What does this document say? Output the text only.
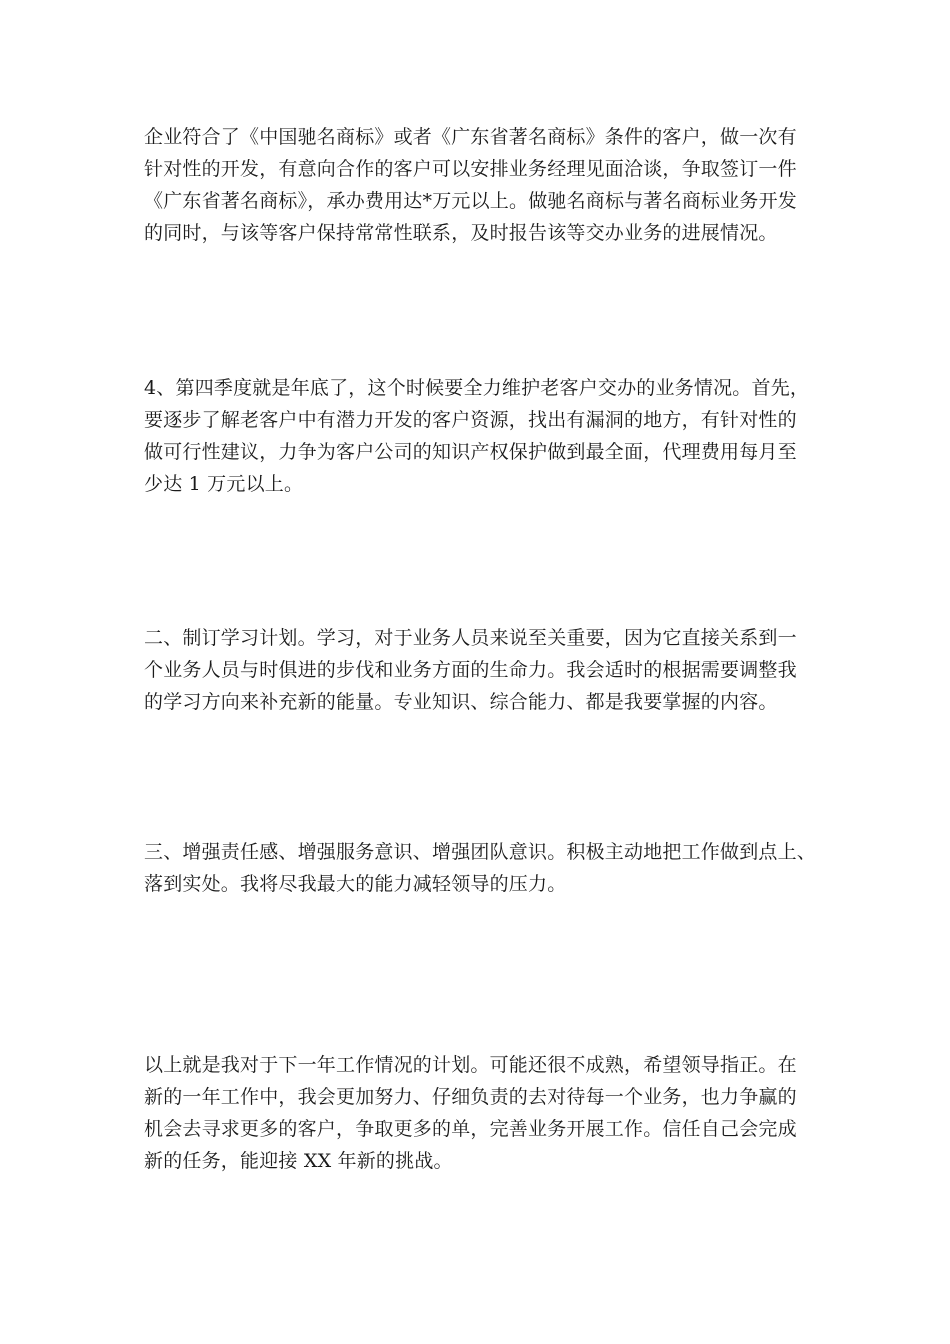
企业符合了《中国驰名商标》或者《广东省著名商标》条件的客户，做一次有
针对性的开发，有意向合作的客户可以安排业务经理见面洽谈，争取签订一件
《广东省著名商标》，承办费用达*万元以上。做驰名商标与著名商标业务开发
的同时，与该等客户保持常常性联系，及时报告该等交办业务的进展情况。
4、第四季度就是年底了，这个时候要全力维护老客户交办的业务情况。首先，
要逐步了解老客户中有潜力开发的客户资源，找出有漏洞的地方，有针对性的
做可行性建议，力争为客户公司的知识产权保护做到最全面，代理费用每月至
少达 1 万元以上。
二、制订学习计划。学习，对于业务人员来说至关重要，因为它直接关系到一
个业务人员与时俱进的步伐和业务方面的生命力。我会适时的根据需要调整我
的学习方向来补充新的能量。专业知识、综合能力、都是我要掌握的内容。
三、增强责任感、增强服务意识、增强团队意识。积极主动地把工作做到点上、
落到实处。我将尽我最大的能力减轻领导的压力。
以上就是我对于下一年工作情况的计划。可能还很不成熟，希望领导指正。在
新的一年工作中，我会更加努力、仔细负责的去对待每一个业务，也力争赢的
机会去寻求更多的客户，争取更多的单，完善业务开展工作。信任自己会完成
新的任务，能迎接 XX 年新的挑战。
